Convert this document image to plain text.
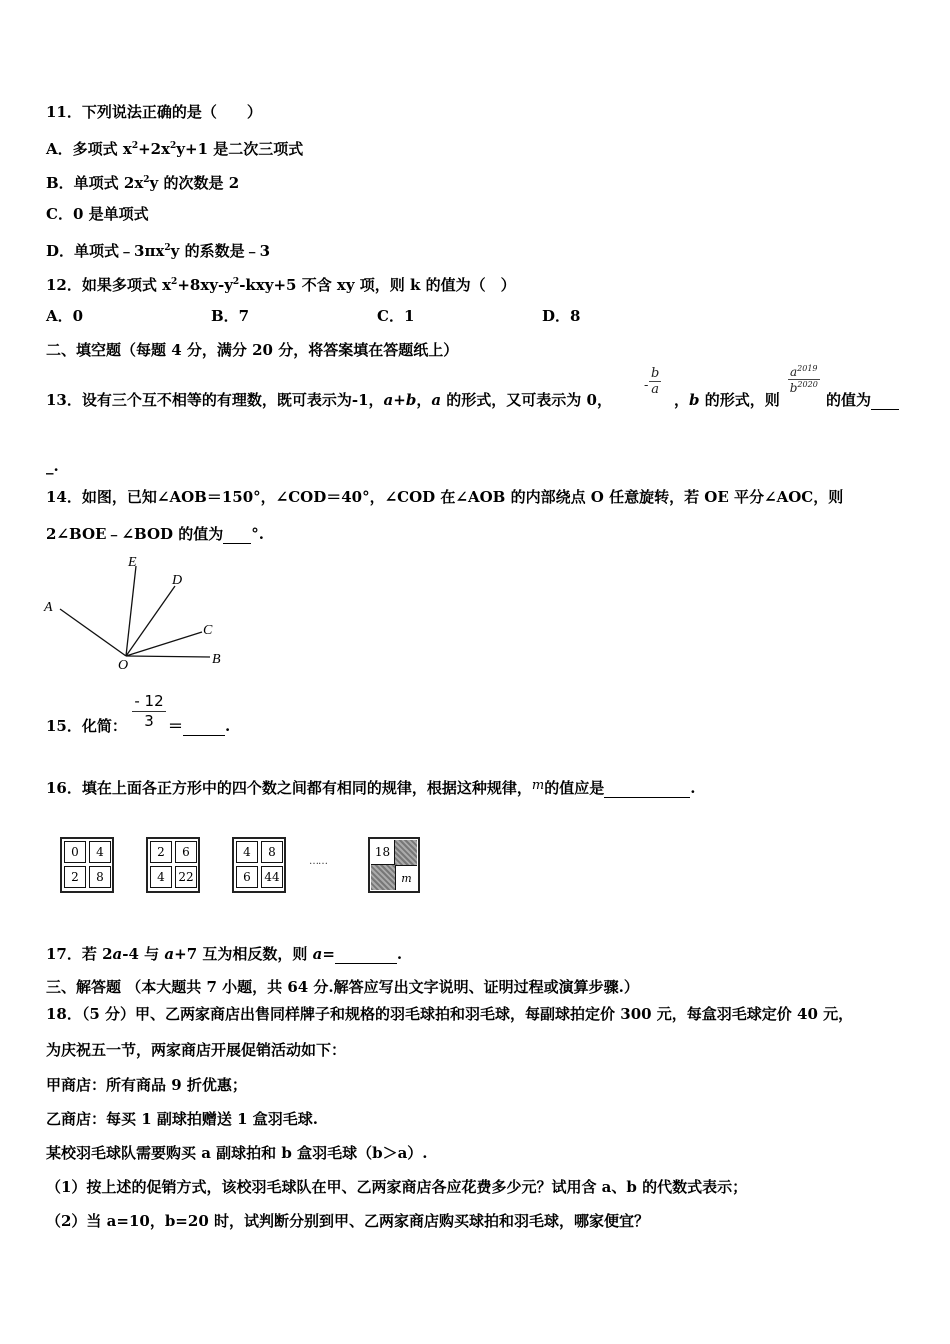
11．下列说法正确的是（　　）
A．多项式 $x^2+2x^2y+1$ 是二次三项式
B．单项式 $2x^2y$ 的次数是 2
C．0 是单项式
D．单项式$﹣3\pi x^2y$ 的系数是﹣3
12．如果多项式 $x^2+8xy-y^2-kxy+5$ 不含 xy 项，则 k 的值为（　）
A．0	B．7	C．1	D．8
二、填空题（每题 4 分，满分 20 分，将答案填在答题纸上）
13．设有三个互不相等的有理数，既可表示为-1，a+b，a 的形式，又可表示为 0，
-
b
a
，b 的形式，则
$\frac{a^{2019}}{b^{2020}}$
的值为
_.
14．如图，已知∠AOB＝150°，∠COD＝40°，∠COD 在∠AOB 的内部绕点 O 任意旋转，若 OE 平分∠AOC，则
2∠BOE﹣∠BOD 的值为 °.
A
E
D
C
B
O
15．化简：
- 12
3 ＝	.
16．填在上面各正方形中的四个数之间都有相同的规律，根据这种规律，m的值应是	.
0	4
2	8
2	6
4	22
4	8
6	44
……
18
m
17．若 2a-4 与 a+7 互为相反数，则 a=	.
三、解答题 （本大题共 7 小题，共 64 分.解答应写出文字说明、证明过程或演算步骤.）
18．（5 分）甲、乙两家商店出售同样牌子和规格的羽毛球拍和羽毛球，每副球拍定价 300 元，每盒羽毛球定价 40 元，
为庆祝五一节，两家商店开展促销活动如下：
甲商店：所有商品 9 折优惠；
乙商店：每买 1 副球拍赠送 1 盒羽毛球.
某校羽毛球队需要购买 a 副球拍和 b 盒羽毛球（b＞a）.
（1）按上述的促销方式，该校羽毛球队在甲、乙两家商店各应花费多少元？试用含 a、b 的代数式表示；
（2）当 a=10，b=20 时，试判断分别到甲、乙两家商店购买球拍和羽毛球，哪家便宜？
